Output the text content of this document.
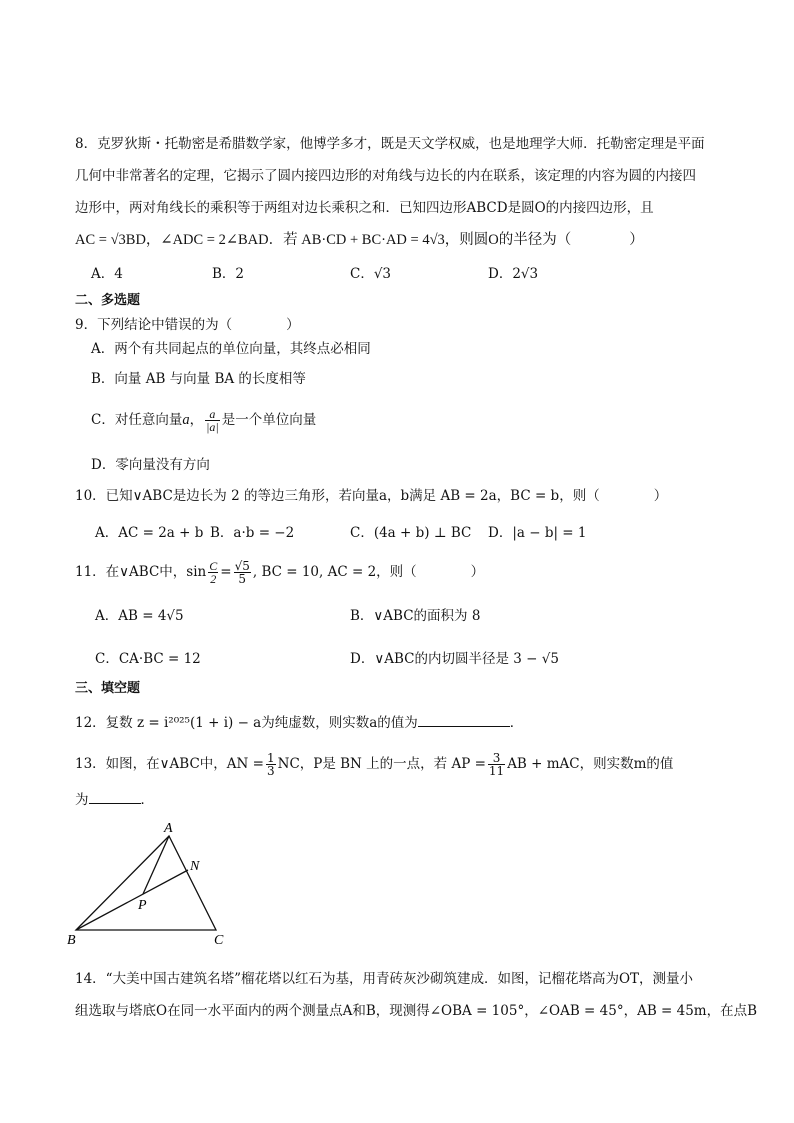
8．克罗狄斯・托勒密是希腊数学家，他博学多才，既是天文学权威，也是地理学大师．托勒密定理是平面
几何中非常著名的定理，它揭示了圆内接四边形的对角线与边长的内在联系，该定理的内容为圆的内接四
边形中，两对角线长的乘积等于两组对边长乘积之和．已知四边形ABCD是圆O的内接四边形，且
AC = √3BD，∠ADC = 2∠BAD．若 AB·CD + BC·AD = 4√3，则圆O的半径为（　　　　）
A．4	B．2	C．√3	D．2√3
二、多选题
9．下列结论中错误的为（　　　　）
A．两个有共同起点的单位向量，其终点必相同
B．向量 AB 与向量 BA 的长度相等
C．对任意向量a， $\frac{a}{|a|}$ 是一个单位向量
D．零向量没有方向
10．已知∨ABC是边长为 2 的等边三角形，若向量a，b满足 AB = 2a，BC = b，则（　　　　）
A．AC = 2a + b B．a·b = −2	C．(4a + b) ⊥ BC D．|a − b| = 1
11．在∨ABC中，$\sin \frac{C}{2} = \frac{√5}{5}$ , BC = 10, AC = 2，则（　　　　）
A．AB = 4√5	B．∨ABC的面积为 8
C．CA·BC = 12	D．∨ABC的内切圆半径是 3 − √5
三、填空题
12．复数 z = i²⁰²⁵(1 + i) − a为纯虚数，则实数a的值为	．
13．如图，在∨ABC中，AN = $\frac{1}{3}$ NC，P是 BN 上的一点，若 AP = $\frac{3}{11}$ AB + mAC，则实数m的值
为	．
A
B	C
N
P
14．“大美中国古建筑名塔”榴花塔以红石为基，用青砖灰沙砌筑建成．如图，记榴花塔高为OT，测量小
组选取与塔底O在同一水平面内的两个测量点A和B，现测得∠OBA = 105°，∠OAB = 45°，AB = 45m，在点B
